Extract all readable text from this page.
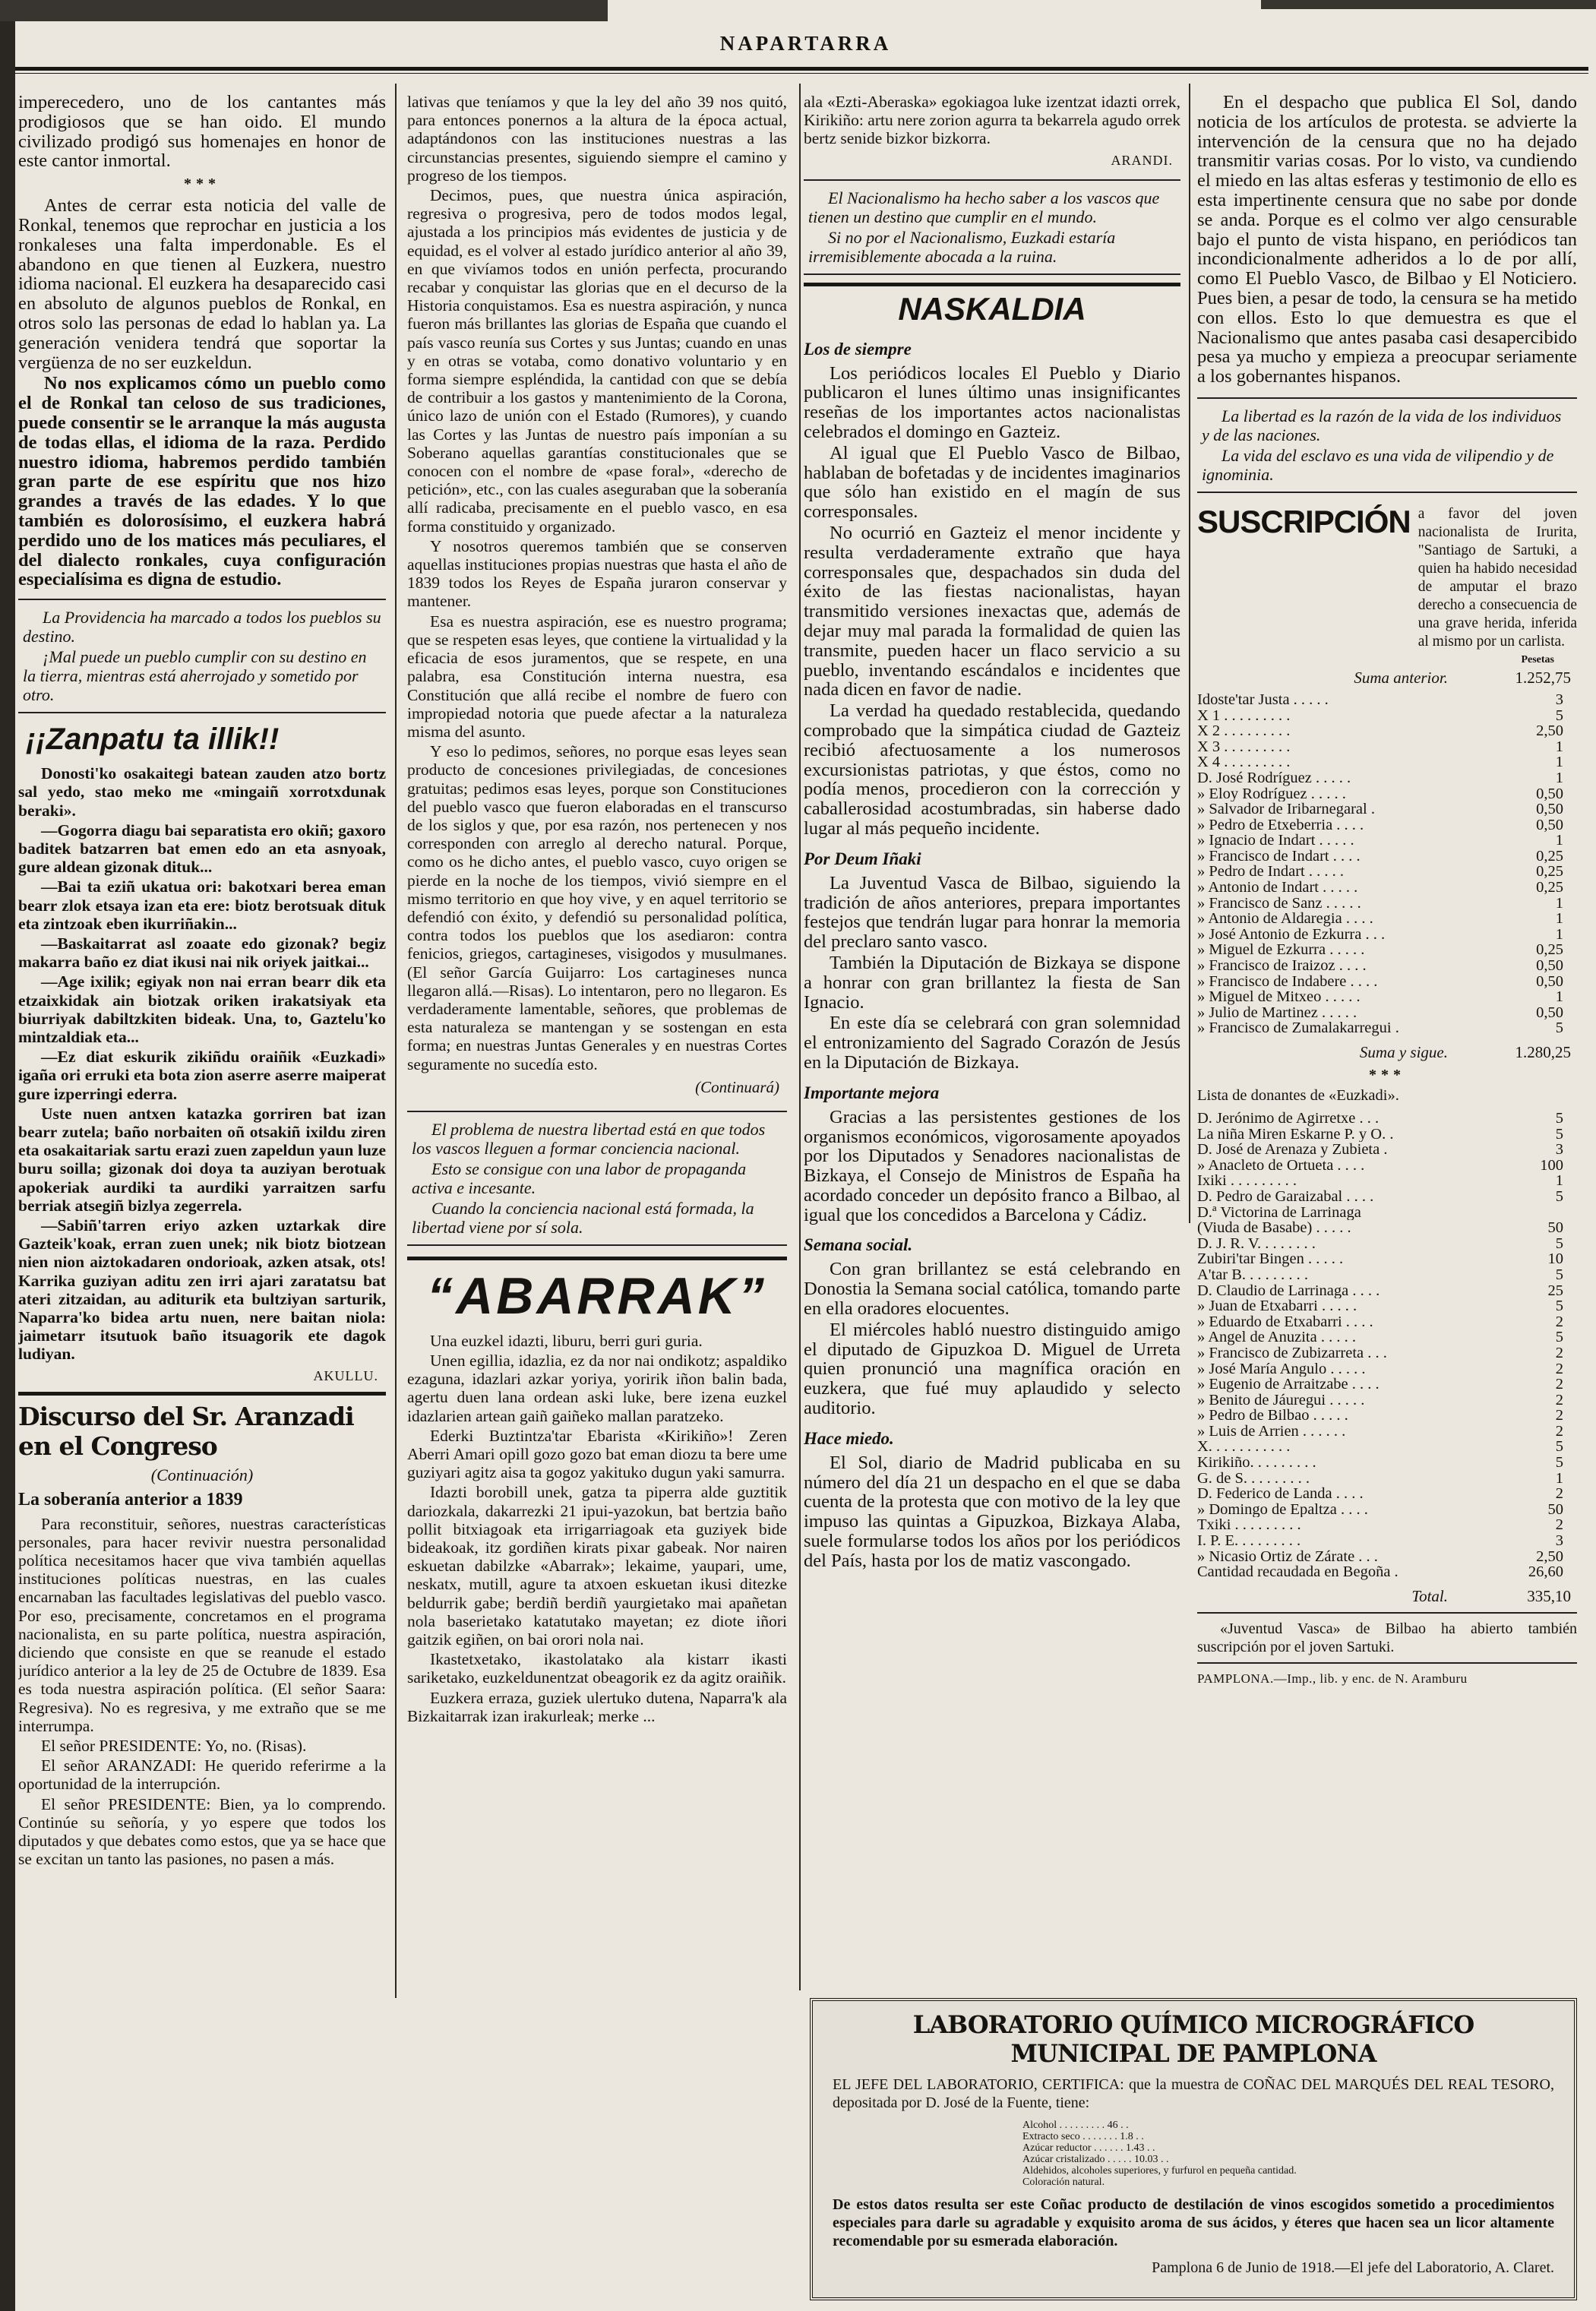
NAPARTARRA

imperecedero, uno de los cantantes más prodigiosos que se han oido. El mundo civilizado prodigó sus homenajes en honor de este cantor inmortal.

***

Antes de cerrar esta noticia del valle de Ronkal, tenemos que reprochar en justicia a los ronkaleses una falta imperdonable. Es el abandono en que tienen al Euzkera, nuestro idioma nacional. El euzkera ha desaparecido casi en absoluto de algunos pueblos de Ronkal, en otros solo las personas de edad lo hablan ya. La generación venidera tendrá que soportar la vergüenza de no ser euzkeldun.

No nos explicamos cómo un pueblo como el de Ronkal tan celoso de sus tradiciones, puede consentir se le arranque la más augusta de todas ellas, el idioma de la raza. Perdido nuestro idioma, habremos perdido también gran parte de ese espíritu que nos hizo grandes a través de las edades. Y lo que también es dolorosísimo, el euzkera habrá perdido uno de los matices más peculiares, el del dialecto ronkales, cuya configuración especialísima es digna de estudio.

La Providencia ha marcado a todos los pueblos su destino.

¡Mal puede un pueblo cumplir con su destino en la tierra, mientras está aherrojado y sometido por otro.

¡¡Zanpatu ta illik!!

Donosti'ko osakaitegi batean zauden atzo bortz sal yedo, stao meko me «mingaiñ xorrotxdunak beraki».

—Gogorra diagu bai separatista ero okiñ; gaxoro baditek batzarren bat emen edo an eta asnyoak, gure aldean gizonak dituk...

—Bai ta eziñ ukatua ori: bakotxari berea eman bearr zlok etsaya izan eta ere: biotz berotsuak dituk eta zintzoak eben ikurriñakin...

—Baskaitarrat asl zoaate edo gizonak? begiz makarra baño ez diat ikusi nai nik oriyek jaitkai...

—Age ixilik; egiyak non nai erran bearr dik eta etzaixkidak ain biotzak oriken irakatsiyak eta biurriyak dabiltzkiten bideak. Una, to, Gaztelu'ko mintzaldiak eta...

—Ez diat eskurik zikiñdu oraiñik «Euzkadi» igaña ori erruki eta bota zion aserre aserre maiperat gure izperringi ederra.

Uste nuen antxen katazka gorriren bat izan bearr zutela; baño norbaiten oñ otsakiñ ixildu ziren eta osakaitariak sartu erazi zuen zapeldun yaun luze buru soilla; gizonak doi doya ta auziyan berotuak apokeriak aurdiki ta aurdiki yarraitzen sarfu berriak atsegiñ bizlya zegerrela.

—Sabiñ'tarren eriyo azken uztarkak dire Gazteik'koak, erran zuen unek; nik biotz biotzean nien nion aiztokadaren ondorioak, azken atsak, ots! Karrika guziyan aditu zen irri ajari zaratatsu bat ateri zitzaidan, au aditurik eta bultziyan sarturik, Naparra'ko bidea artu nuen, nere baitan niola: jaimetarr itsutuok baño itsuagorik ete dagok ludiyan.

AKULLU.
Discurso del Sr. Aranzadi en el Congreso
(Continuación)
La soberanía anterior a 1839

Para reconstituir, señores, nuestras características personales, para hacer revivir nuestra personalidad política necesitamos hacer que viva también aquellas instituciones políticas nuestras, en las cuales encarnaban las facultades legislativas del pueblo vasco. Por eso, precisamente, concretamos en el programa nacionalista, en su parte política, nuestra aspiración, diciendo que consiste en que se reanude el estado jurídico anterior a la ley de 25 de Octubre de 1839. Esa es toda nuestra aspiración política. (El señor Saara: Regresiva). No es regresiva, y me extraño que se me interrumpa.

El señor PRESIDENTE: Yo, no. (Risas).

El señor ARANZADI: He querido referirme a la oportunidad de la interrupción.

El señor PRESIDENTE: Bien, ya lo comprendo. Continúe su señoría, y yo espere que todos los diputados y que debates como estos, que ya se hace que se excitan un tanto las pasiones, no pasen a más.

lativas que teníamos y que la ley del año 39 nos quitó, para entonces ponernos a la altura de la época actual, adaptándonos con las instituciones nuestras a las circunstancias presentes, siguiendo siempre el camino y progreso de los tiempos.

Decimos, pues, que nuestra única aspiración, regresiva o progresiva, pero de todos modos legal, ajustada a los principios más evidentes de justicia y de equidad, es el volver al estado jurídico anterior al año 39, en que vivíamos todos en unión perfecta, procurando recabar y conquistar las glorias que en el decurso de la Historia conquistamos. Esa es nuestra aspiración, y nunca fueron más brillantes las glorias de España que cuando el país vasco reunía sus Cortes y sus Juntas; cuando en unas y en otras se votaba, como donativo voluntario y en forma siempre espléndida, la cantidad con que se debía de contribuir a los gastos y mantenimiento de la Corona, único lazo de unión con el Estado (Rumores), y cuando las Cortes y las Juntas de nuestro país imponían a su Soberano aquellas garantías constitucionales que se conocen con el nombre de «pase foral», «derecho de petición», etc., con las cuales aseguraban que la soberanía allí radicaba, precisamente en el pueblo vasco, en esa forma constituido y organizado.

Y nosotros queremos también que se conserven aquellas instituciones propias nuestras que hasta el año de 1839 todos los Reyes de España juraron conservar y mantener.

Esa es nuestra aspiración, ese es nuestro programa; que se respeten esas leyes, que contiene la virtualidad y la eficacia de esos juramentos, que se respete, en una palabra, esa Constitución interna nuestra, esa Constitución que allá recibe el nombre de fuero con impropiedad notoria que puede afectar a la naturaleza misma del asunto.

Y eso lo pedimos, señores, no porque esas leyes sean producto de concesiones privilegiadas, de concesiones gratuitas; pedimos esas leyes, porque son Constituciones del pueblo vasco que fueron elaboradas en el transcurso de los siglos y que, por esa razón, nos pertenecen y nos corresponden con arreglo al derecho natural. Porque, como os he dicho antes, el pueblo vasco, cuyo origen se pierde en la noche de los tiempos, vivió siempre en el mismo territorio en que hoy vive, y en aquel territorio se defendió con éxito, y defendió su personalidad política, contra todos los pueblos que los asediaron: contra fenicios, griegos, cartagineses, visigodos y musulmanes. (El señor García Guijarro: Los cartagineses nunca llegaron allá.—Risas). Lo intentaron, pero no llegaron. Es verdaderamente lamentable, señores, que problemas de esta naturaleza se mantengan y se sostengan en esta forma; en nuestras Juntas Generales y en nuestras Cortes seguramente no sucedía esto.

(Continuará)

El problema de nuestra libertad está en que todos los vascos lleguen a formar conciencia nacional.

Esto se consigue con una labor de propaganda activa e incesante.

Cuando la conciencia nacional está formada, la libertad viene por sí sola.

“ABARRAK”

Una euzkel idazti, liburu, berri guri guria.

Unen egillia, idazlia, ez da nor nai ondikotz; aspaldiko ezaguna, idazlari azkar yoriya, yoririk iñon balin bada, agertu duen lana ordean aski luke, bere izena euzkel idazlarien artean gaiñ gaiñeko mallan paratzeko.

Ederki Buztintza'tar Ebarista «Kirikiño»! Zeren Aberri Amari opill gozo gozo bat eman diozu ta bere ume guziyari agitz aisa ta gogoz yakituko dugun yaki samurra.

Idazti borobill unek, gatza ta piperra alde guztitik dariozkala, dakarrezki 21 ipui-yazokun, bat bertzia baño pollit bitxiagoak eta irrigarriagoak eta guziyek bide bideakoak, itz gordiñen kirats pixar gabeak. Nor nairen eskuetan dabilzke «Abarrak»; lekaime, yaupari, ume, neskatx, mutill, agure ta atxoen eskuetan ikusi ditezke beldurrik gabe; berdiñ berdiñ yaurgietako mai apañetan nola baserietako katatutako mayetan; ez diote iñori gaitzik egiñen, on bai orori nola nai.

Ikastetxetako, ikastolatako ala kistarr ikasti sariketako, euzkeldunentzat obeagorik ez da agitz oraiñik.

Euzkera erraza, guziek ulertuko dutena, Naparra'k ala Bizkaitarrak izan irakurleak; merke ...

ala «Ezti-Aberaska» egokiagoa luke izentzat idazti orrek, Kirikiño: artu nere zorion agurra ta bekarrela agudo orrek bertz senide bizkor bizkorra.

ARANDI.

El Nacionalismo ha hecho saber a los vascos que tienen un destino que cumplir en el mundo.

Si no por el Nacionalismo, Euzkadi estaría irremisiblemente abocada a la ruina.

NASKALDIA
Los de siempre

Los periódicos locales El Pueblo y Diario publicaron el lunes último unas insignificantes reseñas de los importantes actos nacionalistas celebrados el domingo en Gazteiz.

Al igual que El Pueblo Vasco de Bilbao, hablaban de bofetadas y de incidentes imaginarios que sólo han existido en el magín de sus corresponsales.

No ocurrió en Gazteiz el menor incidente y resulta verdaderamente extraño que haya corresponsales que, despachados sin duda del éxito de las fiestas nacionalistas, hayan transmitido versiones inexactas que, además de dejar muy mal parada la formalidad de quien las transmite, pueden hacer un flaco servicio a su pueblo, inventando escándalos e incidentes que nada dicen en favor de nadie.

La verdad ha quedado restablecida, quedando comprobado que la simpática ciudad de Gazteiz recibió afectuosamente a los numerosos excursionistas patriotas, y que éstos, como no podía menos, procedieron con la corrección y caballerosidad acostumbradas, sin haberse dado lugar al más pequeño incidente.

Por Deum Iñaki

La Juventud Vasca de Bilbao, siguiendo la tradición de años anteriores, prepara importantes festejos que tendrán lugar para honrar la memoria del preclaro santo vasco.

También la Diputación de Bizkaya se dispone a honrar con gran brillantez la fiesta de San Ignacio.

En este día se celebrará con gran solemnidad el entronizamiento del Sagrado Corazón de Jesús en la Diputación de Bizkaya.

Importante mejora

Gracias a las persistentes gestiones de los organismos económicos, vigorosamente apoyados por los Diputados y Senadores nacionalistas de Bizkaya, el Consejo de Ministros de España ha acordado conceder un depósito franco a Bilbao, al igual que los concedidos a Barcelona y Cádiz.

Semana social.

Con gran brillantez se está celebrando en Donostia la Semana social católica, tomando parte en ella oradores elocuentes.

El miércoles habló nuestro distinguido amigo el diputado de Gipuzkoa D. Miguel de Urreta quien pronunció una magnífica oración en euzkera, que fué muy aplaudido y selecto auditorio.

Hace miedo.

El Sol, diario de Madrid publicaba en su número del día 21 un despacho en el que se daba cuenta de la protesta que con motivo de la ley que impuso las quintas a Gipuzkoa, Bizkaya Alaba, suele formularse todos los años por los periódicos del País, hasta por los de matiz vascongado.

En el despacho que publica El Sol, dando noticia de los artículos de protesta. se advierte la intervención de la censura que no ha dejado transmitir varias cosas. Por lo visto, va cundiendo el miedo en las altas esferas y testimonio de ello es esta impertinente censura que no sabe por donde se anda. Porque es el colmo ver algo censurable bajo el punto de vista hispano, en periódicos tan incondicionalmente adheridos a lo de por allí, como El Pueblo Vasco, de Bilbao y El Noticiero. Pues bien, a pesar de todo, la censura se ha metido con ellos. Esto lo que demuestra es que el Nacionalismo que antes pasaba casi desapercibido pesa ya mucho y empieza a preocupar seriamente a los gobernantes hispanos.

La libertad es la razón de la vida de los individuos y de las naciones.

La vida del esclavo es una vida de vilipendio y de ignominia.

SUSCRIPCIÓN a favor del joven nacionalista de Irurita, "Santiago de Sartuki, a quien ha habido necesidad de amputar el brazo derecho a consecuencia de una grave herida, inferida al mismo por un carlista.
Pesetas
Suma anterior.	1.252,75
Idoste'tar Justa . . . . .	3
X 1 . . . . . . . . .	5
X 2 . . . . . . . . .	2,50
X 3 . . . . . . . . .	1
X 4 . . . . . . . . .	1
D. José Rodríguez . . . . .	1
» Eloy Rodríguez . . . . .	0,50
» Salvador de Iribarnegaral .	0,50
» Pedro de Etxeberria . . . .	0,50
» Ignacio de Indart . . . . .	1
» Francisco de Indart . . . .	0,25
» Pedro de Indart . . . . .	0,25
» Antonio de Indart . . . . .	0,25
» Francisco de Sanz . . . . .	1
» Antonio de Aldaregia . . . .	1
» José Antonio de Ezkurra . . .	1
» Miguel de Ezkurra . . . . .	0,25
» Francisco de Iraizoz . . . .	0,50
» Francisco de Indabere . . . .	0,50
» Miguel de Mitxeo . . . . .	1
» Julio de Martinez . . . . .	0,50
» Francisco de Zumalakarregui .	5
Suma y sigue.	1.280,25
***
Lista de donantes de «Euzkadi».
D. Jerónimo de Agirretxe . . .	5
La niña Miren Eskarne P. y O. .	5
D. José de Arenaza y Zubieta .	3
» Anacleto de Ortueta . . . .	100
Ixiki . . . . . . . . .	1
D. Pedro de Garaizabal . . . .	5
D.ª Victorina de Larrinaga
(Viuda de Basabe) . . . . .	50
D. J. R. V. . . . . . . .	5
Zubiri'tar Bingen . . . . .	10
A'tar B. . . . . . . . .	5
D. Claudio de Larrinaga . . . .	25
» Juan de Etxabarri . . . . .	5
» Eduardo de Etxabarri . . . .	2
» Angel de Anuzita . . . . .	5
» Francisco de Zubizarreta . . .	2
» José María Angulo . . . . .	2
» Eugenio de Arraitzabe . . . .	2
» Benito de Jáuregui . . . . .	2
» Pedro de Bilbao . . . . .	2
» Luis de Arrien . . . . . .	2
X. . . . . . . . . . .	5
Kirikiño. . . . . . . . .	5
G. de S. . . . . . . . .	1
D. Federico de Landa . . . .	2
» Domingo de Epaltza . . . .	50
Txiki . . . . . . . . .	2
I. P. E. . . . . . . . .	3
» Nicasio Ortiz de Zárate . . .	2,50
Cantidad recaudada en Begoña .	26,60
Total.	335,10

«Juventud Vasca» de Bilbao ha abierto también suscripción por el joven Sartuki.

PAMPLONA.—Imp., lib. y enc. de N. Aramburu
LABORATORIO QUÍMICO MICROGRÁFICO MUNICIPAL DE PAMPLONA
EL JEFE DEL LABORATORIO, CERTIFICA: que la muestra de COÑAC DEL MARQUÉS DEL REAL TESORO, depositada por D. José de la Fuente, tiene:
Alcohol . . . . . . . . . 46 . .
Extracto seco . . . . . . . 1.8 . .
Azúcar reductor . . . . . . 1.43 . .
Azúcar cristalizado . . . . . 10.03 . .
Aldehidos, alcoholes superiores, y furfurol en pequeña cantidad.
Coloración natural.
De estos datos resulta ser este Coñac producto de destilación de vinos escogidos sometido a procedimientos especiales para darle su agradable y exquisito aroma de sus ácidos, y éteres que hacen sea un licor altamente recomendable por su esmerada elaboración.
Pamplona 6 de Junio de 1918.—El jefe del Laboratorio, A. Claret.
